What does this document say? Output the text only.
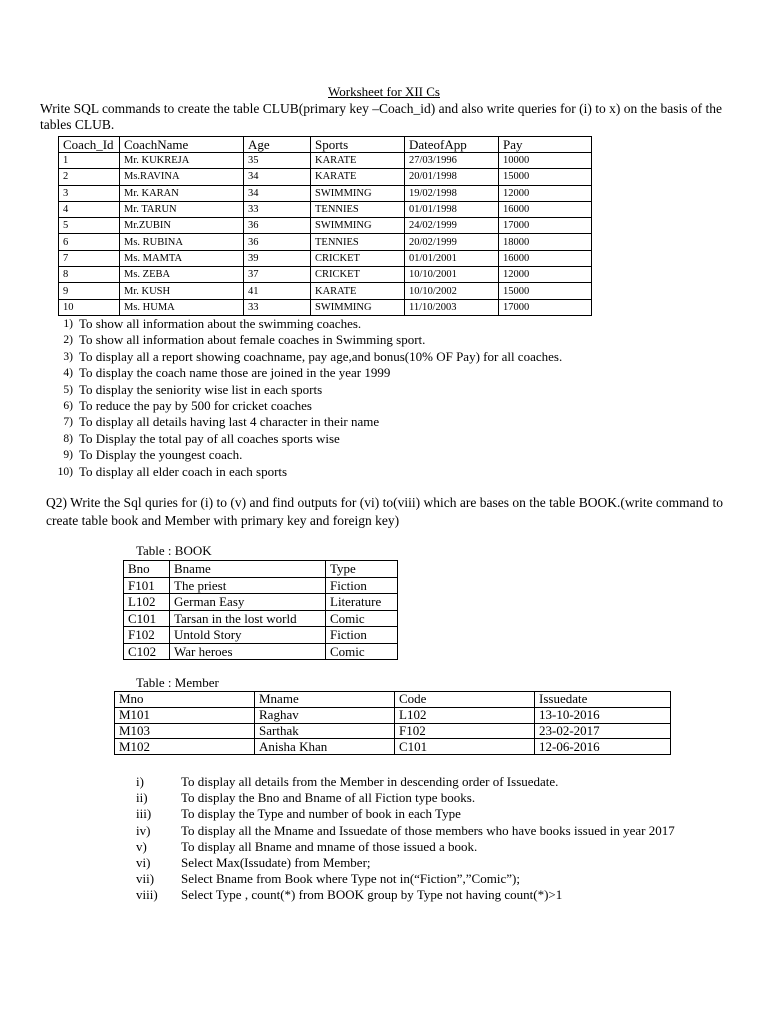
Worksheet for XII Cs
Write SQL commands to create the table CLUB(primary key –Coach_id) and also write queries for (i) to x) on the basis of the tables CLUB.
Coach_Id	CoachName	Age	Sports	DateofApp	Pay
1	Mr. KUKREJA	35	KARATE	27/03/1996	10000
2	Ms.RAVINA	34	KARATE	20/01/1998	15000
3	Mr. KARAN	34	SWIMMING	19/02/1998	12000
4	Mr. TARUN	33	TENNIES	01/01/1998	16000
5	Mr.ZUBIN	36	SWIMMING	24/02/1999	17000
6	Ms. RUBINA	36	TENNIES	20/02/1999	18000
7	Ms. MAMTA	39	CRICKET	01/01/2001	16000
8	Ms. ZEBA	37	CRICKET	10/10/2001	12000
9	Mr. KUSH	41	KARATE	10/10/2002	15000
10	Ms. HUMA	33	SWIMMING	11/10/2003	17000
1) To show all information about the swimming coaches.
2) To show all information about female coaches in Swimming sport.
3) To display all a report showing coachname, pay age,and bonus(10% OF Pay) for all coaches.
4) To display the coach name those are joined in the year 1999
5) To display the seniority wise list in each sports
6) To reduce the pay by 500 for cricket coaches
7) To display all details having last 4 character in their name
8) To Display the total pay of all coaches sports wise
9) To Display the youngest coach.
10) To display all elder coach in each sports
Q2) Write the Sql quries for (i) to (v) and find outputs for (vi) to(viii) which are bases on the table BOOK.(write command to create table book and Member with primary key and foreign key)
Table : BOOK
Bno	Bname	Type
F101	The priest	Fiction
L102	German Easy	Literature
C101	Tarsan in the lost world	Comic
F102	Untold Story	Fiction
C102	War heroes	Comic
Table : Member
Mno	Mname	Code	Issuedate
M101	Raghav	L102	13-10-2016
M103	Sarthak	F102	23-02-2017
M102	Anisha Khan	C101	12-06-2016
i)	To display all details from the Member in descending order of Issuedate.
ii)	To display the Bno and Bname of all Fiction type books.
iii)	To display the Type and number of book in each Type
iv)	To display all the Mname and Issuedate of those members who have books issued in year 2017
v)	To display all Bname and mname of those issued a book.
vi)	Select Max(Issudate) from Member;
vii)	Select Bname from Book where Type not in(“Fiction”,”Comic”);
viii)	Select Type , count(*) from BOOK group by Type not having count(*)>1
